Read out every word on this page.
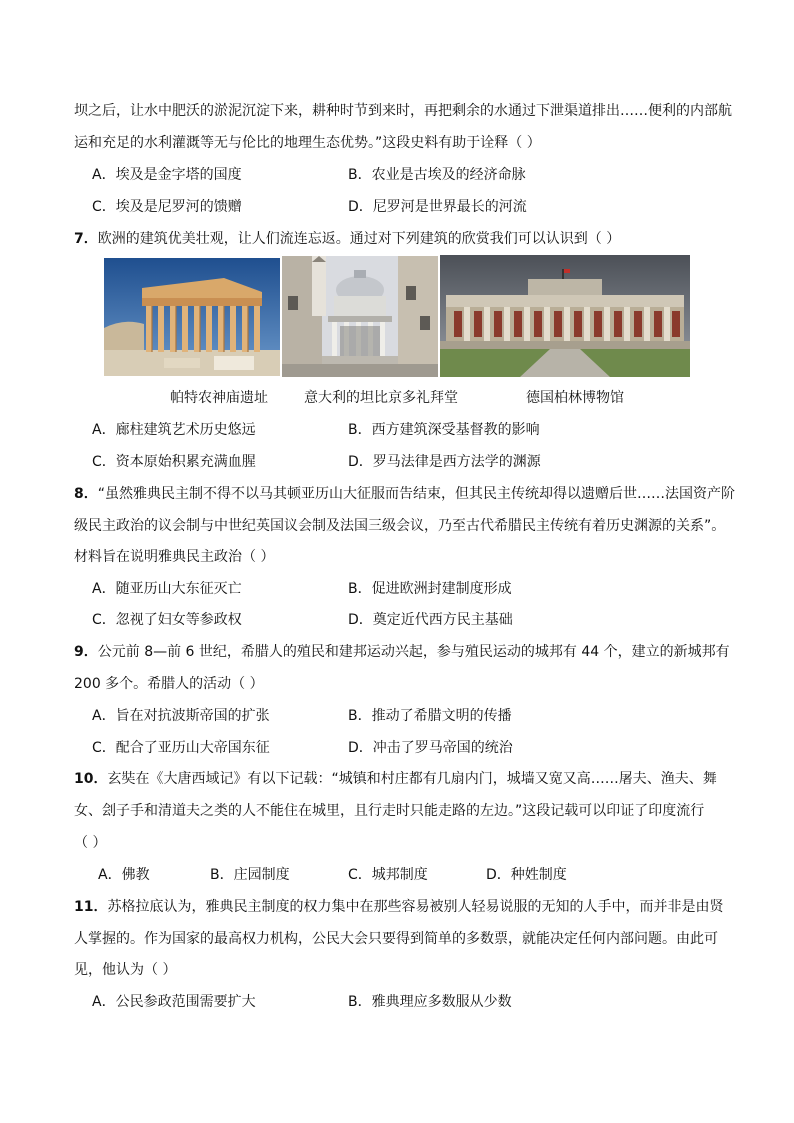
坝之后，让水中肥沃的淤泥沉淀下来，耕种时节到来时，再把剩余的水通过下泄渠道排出……便利的内部航
运和充足的水利灌溉等无与伦比的地理生态优势。”这段史料有助于诠释（ ）
A．埃及是金字塔的国度	B．农业是古埃及的经济命脉
C．埃及是尼罗河的馈赠	D．尼罗河是世界最长的河流
7．欧洲的建筑优美壮观，让人们流连忘返。通过对下列建筑的欣赏我们可以认识到（ ）
帕特农神庙遗址	意大利的坦比京多礼拜堂	德国柏林博物馆
A．廊柱建筑艺术历史悠远	B．西方建筑深受基督教的影响
C．资本原始积累充满血腥	D．罗马法律是西方法学的渊源
8．“虽然雅典民主制不得不以马其顿亚历山大征服而告结束，但其民主传统却得以遗赠后世……法国资产阶
级民主政治的议会制与中世纪英国议会制及法国三级会议，乃至古代希腊民主传统有着历史渊源的关系”。
材料旨在说明雅典民主政治（ ）
A．随亚历山大东征灭亡	B．促进欧洲封建制度形成
C．忽视了妇女等参政权	D．奠定近代西方民主基础
9．公元前 8—前 6 世纪，希腊人的殖民和建邦运动兴起，参与殖民运动的城邦有 44 个，建立的新城邦有
200 多个。希腊人的活动（ ）
A．旨在对抗波斯帝国的扩张	B．推动了希腊文明的传播
C．配合了亚历山大帝国东征	D．冲击了罗马帝国的统治
10．玄奘在《大唐西域记》有以下记载：“城镇和村庄都有几扇内门，城墙又宽又高……屠夫、渔夫、舞
女、刽子手和清道夫之类的人不能住在城里，且行走时只能走路的左边。”这段记载可以印证了印度流行
（ ）
A．佛教	B．庄园制度	C．城邦制度	D．种姓制度
11．苏格拉底认为，雅典民主制度的权力集中在那些容易被别人轻易说服的无知的人手中，而并非是由贤
人掌握的。作为国家的最高权力机构，公民大会只要得到简单的多数票，就能决定任何内部问题。由此可
见，他认为（ ）
A．公民参政范围需要扩大	B．雅典理应多数服从少数
